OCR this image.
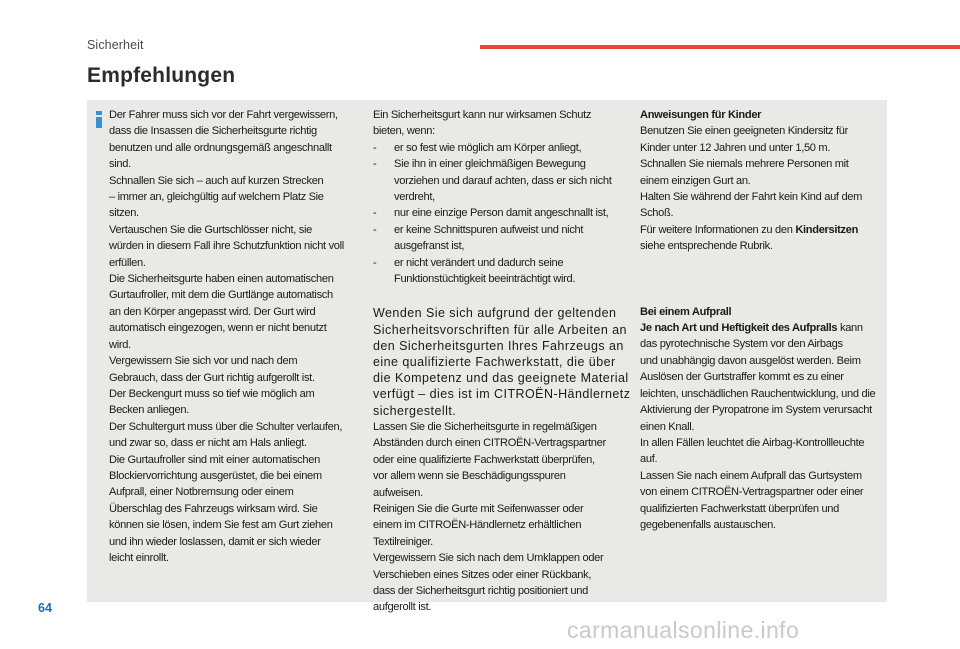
Sicherheit
Empfehlungen

Der Fahrer muss sich vor der Fahrt vergewissern,

dass die Insassen die Sicherheitsgurte richtig

benutzen und alle ordnungsgemäß angeschnallt

sind.

Schnallen Sie sich – auch auf kurzen Strecken

– immer an, gleichgültig auf welchem Platz Sie

sitzen.

Vertauschen Sie die Gurtschlösser nicht, sie

würden in diesem Fall ihre Schutzfunktion nicht voll

erfüllen.

Die Sicherheitsgurte haben einen automatischen

Gurtaufroller, mit dem die Gurtlänge automatisch

an den Körper angepasst wird. Der Gurt wird

automatisch eingezogen, wenn er nicht benutzt

wird.

Vergewissern Sie sich vor und nach dem

Gebrauch, dass der Gurt richtig aufgerollt ist.

Der Beckengurt muss so tief wie möglich am

Becken anliegen.

Der Schultergurt muss über die Schulter verlaufen,

und zwar so, dass er nicht am Hals anliegt.

Die Gurtaufroller sind mit einer automatischen

Blockiervorrichtung ausgerüstet, die bei einem

Aufprall, einer Notbremsung oder einem

Überschlag des Fahrzeugs wirksam wird. Sie

können sie lösen, indem Sie fest am Gurt ziehen

und ihn wieder loslassen, damit er sich wieder

leicht einrollt.

Ein Sicherheitsgurt kann nur wirksamen Schutz

bieten, wenn:

-	er so fest wie möglich am Körper anliegt,
-	Sie ihn in einer gleichmäßigen Bewegung
vorziehen und darauf achten, dass er sich nicht
verdreht,
-	nur eine einzige Person damit angeschnallt ist,
-	er keine Schnittspuren aufweist und nicht
ausgefranst ist,
-	er nicht verändert und dadurch seine
Funktionstüchtigkeit beeinträchtigt wird.

Wenden Sie sich aufgrund der geltenden

Sicherheitsvorschriften für alle Arbeiten an

den Sicherheitsgurten Ihres Fahrzeugs an

eine qualifizierte Fachwerkstatt, die über

die Kompetenz und das geeignete Material

verfügt – dies ist im CITROËN-Händlernetz

sichergestellt.

Lassen Sie die Sicherheitsgurte in regelmäßigen

Abständen durch einen CITROËN-Vertragspartner

oder eine qualifizierte Fachwerkstatt überprüfen,

vor allem wenn sie Beschädigungsspuren

aufweisen.

Reinigen Sie die Gurte mit Seifenwasser oder

einem im CITROËN-Händlernetz erhältlichen

Textilreiniger.

Vergewissern Sie sich nach dem Umklappen oder

Verschieben eines Sitzes oder einer Rückbank,

dass der Sicherheitsgurt richtig positioniert und

aufgerollt ist.

Anweisungen für Kinder

Benutzen Sie einen geeigneten Kindersitz für

Kinder unter 12 Jahren und unter 1,50 m.

Schnallen Sie niemals mehrere Personen mit

einem einzigen Gurt an.

Halten Sie während der Fahrt kein Kind auf dem

Schoß.

Für weitere Informationen zu den Kindersitzen

siehe entsprechende Rubrik.

Bei einem Aufprall

Je nach Art und Heftigkeit des Aufpralls kann

das pyrotechnische System vor den Airbags

und unabhängig davon ausgelöst werden. Beim

Auslösen der Gurtstraffer kommt es zu einer

leichten, unschädlichen Rauchentwicklung, und die

Aktivierung der Pyropatrone im System verursacht

einen Knall.

In allen Fällen leuchtet die Airbag-Kontrollleuchte

auf.

Lassen Sie nach einem Aufprall das Gurtsystem

von einem CITROËN-Vertragspartner oder einer

qualifizierten Fachwerkstatt überprüfen und

gegebenenfalls austauschen.

64
carmanualsonline.info
